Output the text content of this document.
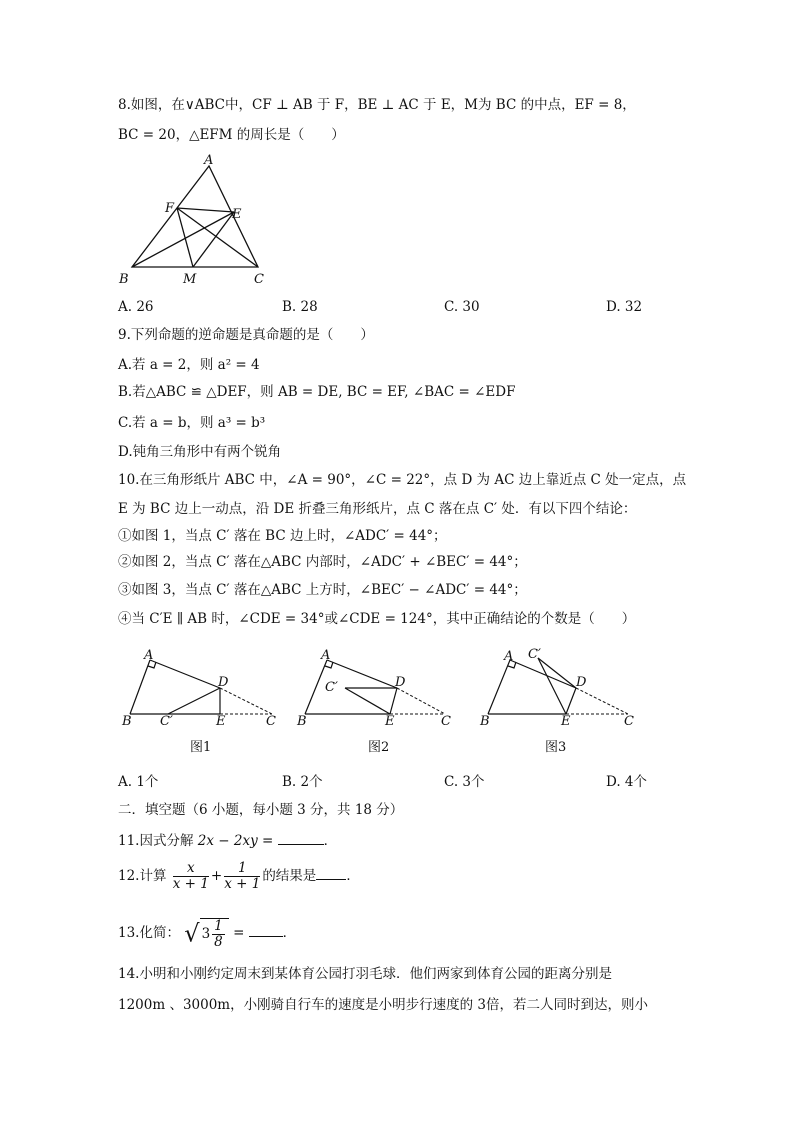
8.如图，在∨ABC中，CF ⊥ AB 于 F，BE ⊥ AC 于 E，M为 BC 的中点，EF = 8，
BC = 20，△EFM 的周长是（　　）
A
B	C
F	E
M
A. 26	B. 28	C. 30	D. 32
9.下列命题的逆命题是真命题的是（　　）
A.若 a = 2，则 a² = 4
B.若△ABC ≌ △DEF，则 AB = DE, BC = EF, ∠BAC = ∠EDF
C.若 a = b，则 a³ = b³
D.钝角三角形中有两个锐角
10.在三角形纸片 ABC 中，∠A = 90°，∠C = 22°，点 D 为 AC 边上靠近点 C 处一定点，点
E 为 BC 边上一动点，沿 DE 折叠三角形纸片，点 C 落在点 C′ 处．有以下四个结论：
①如图 1，当点 C′ 落在 BC 边上时，∠ADC′ = 44°；
②如图 2，当点 C′ 落在△ABC 内部时，∠ADC′ + ∠BEC′ = 44°；
③如图 3，当点 C′ 落在△ABC 上方时，∠BEC′ − ∠ADC′ = 44°；
④当 C′E ∥ AB 时，∠CDE = 34°或∠CDE = 124°，其中正确结论的个数是（　　）
A
B C′	E
D
C
图1
A
B
C′
E
D
C
图2
A C′
B	E
D
C
图3
A. 1个	B. 2个	C. 3个	D. 4个
二．填空题（6 小题，每小题 3 分，共 18 分）
11.因式分解 2x − 2xy =	．
12.计算 $\frac{x}{x + 1} + \frac{1}{x + 1}$ 的结果是 ．
13.化简： √ $3 \frac{1}{8}$ =	．
14.小明和小刚约定周末到某体育公园打羽毛球．他们两家到体育公园的距离分别是
1200m 、3000m，小刚骑自行车的速度是小明步行速度的 3倍，若二人同时到达，则小
